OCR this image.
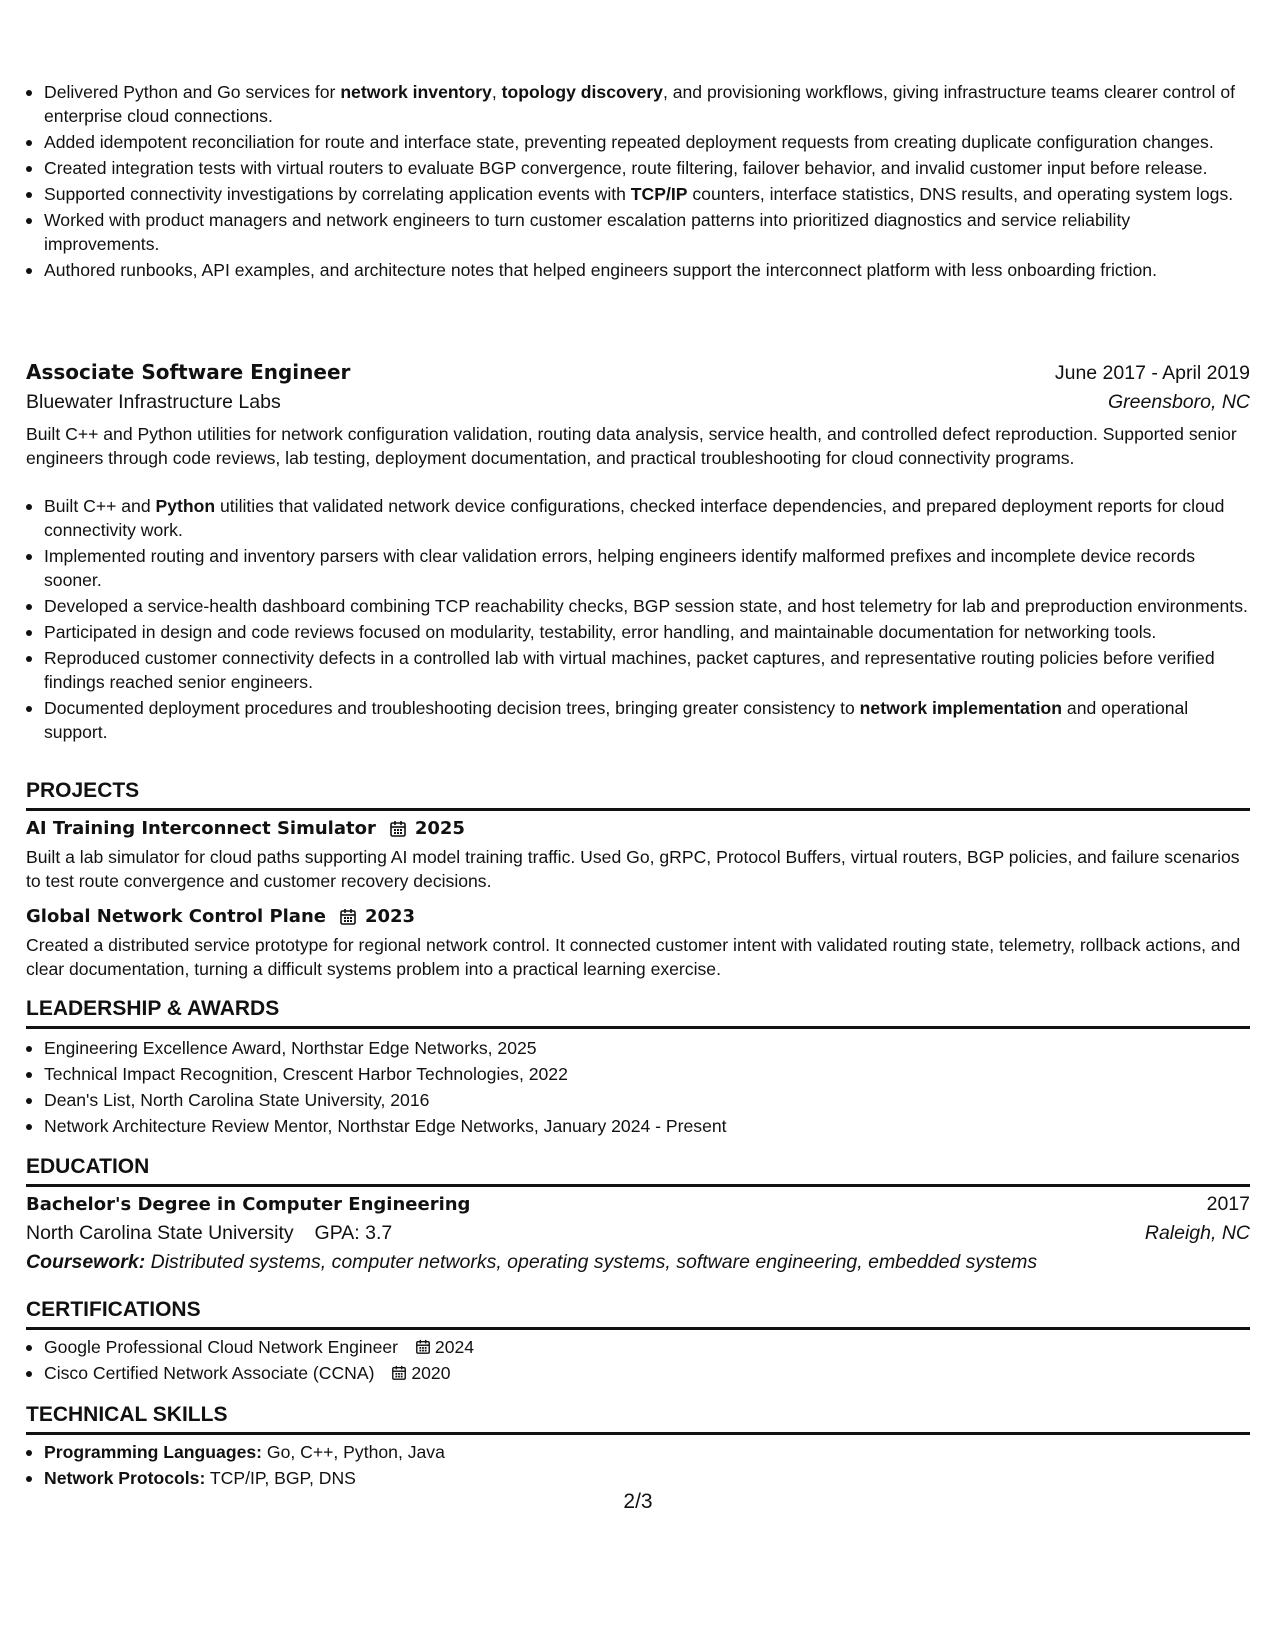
Delivered Python and Go services for network inventory, topology discovery, and provisioning workflows, giving infrastructure teams clearer control of enterprise cloud connections.
Added idempotent reconciliation for route and interface state, preventing repeated deployment requests from creating duplicate configuration changes.
Created integration tests with virtual routers to evaluate BGP convergence, route filtering, failover behavior, and invalid customer input before release.
Supported connectivity investigations by correlating application events with TCP/IP counters, interface statistics, DNS results, and operating system logs.
Worked with product managers and network engineers to turn customer escalation patterns into prioritized diagnostics and service reliability improvements.
Authored runbooks, API examples, and architecture notes that helped engineers support the interconnect platform with less onboarding friction.
Associate Software Engineer	June 2017 - April 2019
Bluewater Infrastructure Labs	Greensboro, NC
Built C++ and Python utilities for network configuration validation, routing data analysis, service health, and controlled defect reproduction. Supported senior engineers through code reviews, lab testing, deployment documentation, and practical troubleshooting for cloud connectivity programs.
Built C++ and Python utilities that validated network device configurations, checked interface dependencies, and prepared deployment reports for cloud connectivity work.
Implemented routing and inventory parsers with clear validation errors, helping engineers identify malformed prefixes and incomplete device records sooner.
Developed a service-health dashboard combining TCP reachability checks, BGP session state, and host telemetry for lab and preproduction environments.
Participated in design and code reviews focused on modularity, testability, error handling, and maintainable documentation for networking tools.
Reproduced customer connectivity defects in a controlled lab with virtual machines, packet captures, and representative routing policies before verified findings reached senior engineers.
Documented deployment procedures and troubleshooting decision trees, bringing greater consistency to network implementation and operational support.
PROJECTS
AI Training Interconnect Simulator 2025
Built a lab simulator for cloud paths supporting AI model training traffic. Used Go, gRPC, Protocol Buffers, virtual routers, BGP policies, and failure scenarios to test route convergence and customer recovery decisions.
Global Network Control Plane 2023
Created a distributed service prototype for regional network control. It connected customer intent with validated routing state, telemetry, rollback actions, and clear documentation, turning a difficult systems problem into a practical learning exercise.
LEADERSHIP & AWARDS
Engineering Excellence Award, Northstar Edge Networks, 2025
Technical Impact Recognition, Crescent Harbor Technologies, 2022
Dean's List, North Carolina State University, 2016
Network Architecture Review Mentor, Northstar Edge Networks, January 2024 - Present
EDUCATION
Bachelor's Degree in Computer Engineering	2017
North Carolina State University GPA: 3.7	Raleigh, NC
Coursework: Distributed systems, computer networks, operating systems, software engineering, embedded systems
CERTIFICATIONS
Google Professional Cloud Network Engineer 2024
Cisco Certified Network Associate (CCNA) 2020
TECHNICAL SKILLS
Programming Languages: Go, C++, Python, Java
Network Protocols: TCP/IP, BGP, DNS
2/3
